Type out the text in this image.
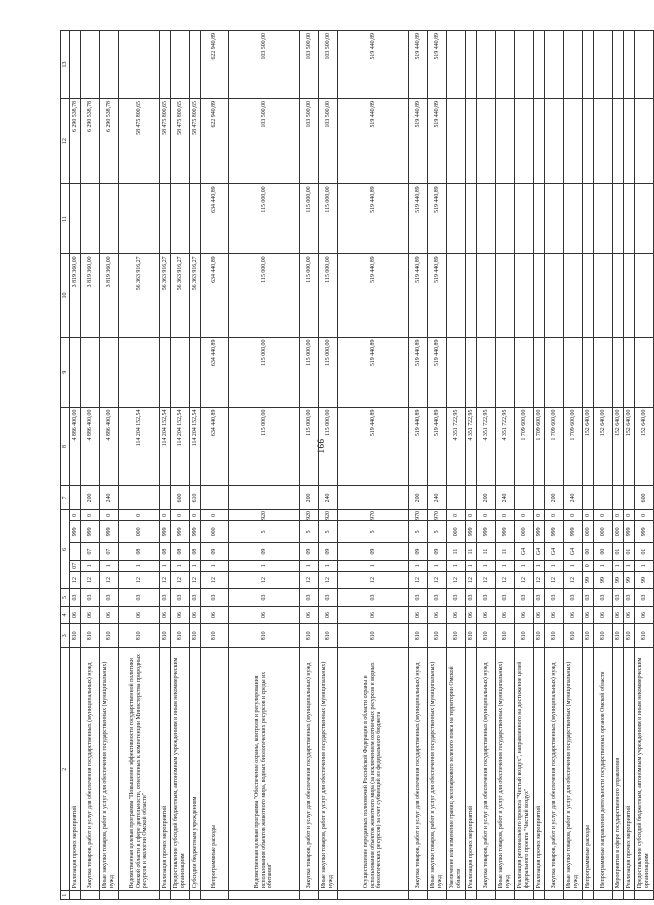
166
1	2	3	4	5	6					7	8	9	10	11	12	13
	Реализация прочих мероприятий	810	06	03	12	07		999	0		4 886 400,00		3 819 360,00		6 290 538,78	
	Закупка товаров, работ и услуг для обеспечения государственных (муниципальных) нужд	810	06	03	12	1	07	999	0	200	4 886 400,00		3 819 360,00		6 290 538,78	
	Иные закупки товаров, работ и услуг для обеспечения государственных (муниципальных) нужд	810	06	03	12	1	07	999	0	240	4 886 400,00		3 819 360,00		6 290 538,78	
	Ведомственная целевая программа "Повышение эффективности государственной политики Омской области в сфере деятельности, отнесенных к компетенции Министерства природных ресурсов и экологии Омской области"	810	06	03	12	1	08	000	0		114 204 152,54		56 363 916,27		58 475 800,65	
	Реализация прочих мероприятий	810	06	03	12	1	08	999	0		114 204 152,54		56 363 916,27		58 475 800,65	
	Предоставление субсидий бюджетным, автономным учреждениям и иным некоммерческим организациям	810	06	03	12	1	08	999	0	600	114 204 152,54		56 363 916,27		58 475 800,65	
	Субсидии бюджетным учреждениям	810	06	03	12	1	08	999	0	610	114 204 152,54		56 363 916,27		58 475 800,65	
	Непрограммные расходы	810	06	03	12	1	09	000	0		634 440,89	634 440,89	634 440,89	634 440,89	622 940,89	622 940,89
	Ведомственная целевая программа "Обеспечение охраны, контроля и регулирования использования объектов животного мира, водных биологических ресурсов и среды их обитания"	810	06	03	12	1	09	5	920		115 000,00	115 000,00	115 000,00	115 000,00	103 500,00	103 500,00
	Закупка товаров, работ и услуг для обеспечения государственных (муниципальных) нужд	810	06	03	12	1	09	5	920	200	115 000,00	115 000,00	115 000,00	115 000,00	103 500,00	103 500,00
	Иные закупки товаров, работ и услуг для обеспечения государственных (муниципальных) нужд	810	06	03	12	1	09	5	920	240	115 000,00	115 000,00	115 000,00	115 000,00	103 500,00	103 500,00
	Осуществление переданных полномочий Российской Федерации в области охраны и использования объектов животного мира (за исключением охотничьих ресурсов и водных биологических ресурсов) за счет субвенций из федерального бюджета	810	06	03	12	1	09	5	970		519 440,89	519 440,89	519 440,89	519 440,89	519 440,89	519 440,89
	Закупка товаров, работ и услуг для обеспечения государственных (муниципальных) нужд	810	06	03	12	1	09	5	970	200	519 440,89	519 440,89	519 440,89	519 440,89	519 440,89	519 440,89
	Иные закупки товаров, работ и услуг для обеспечения государственных (муниципальных) нужд	810	06	03	12	1	09	5	970	240	519 440,89	519 440,89	519 440,89	519 440,89	519 440,89	519 440,89
	Увеличение или изменение границ лесопаркового зеленого пояса на территории Омской области	810	06	03	12	1	11	000	0		4 351 722,95					
	Реализация прочих мероприятий	810	06	03	12	1	11	999	0		4 351 722,95					
	Закупка товаров, работ и услуг для обеспечения государственных (муниципальных) нужд	810	06	03	12	1	11	999	0	200	4 351 722,95					
	Иные закупки товаров, работ и услуг для обеспечения государственных (муниципальных) нужд	810	06	03	12	1	11	999	0	240	4 351 722,95					
	Реализация регионального проекта "Чистый воздух", направленного на достижение целей федерального проекта "Чистый воздух"	810	06	03	12	1	G4	000	0		1 709 600,00					
	Реализация прочих мероприятий	810	06	03	12	1	G4	999	0		1 709 600,00					
	Закупка товаров, работ и услуг для обеспечения государственных (муниципальных) нужд	810	06	03	12	1	G4	999	0	200	1 709 600,00					
	Иные закупки товаров, работ и услуг для обеспечения государственных (муниципальных) нужд	810	06	03	12	1	G4	999	0	240	1 709 600,00					
	Непрограммные расходы	810	06	03	99	0	00	000	0		152 640,00					
	Непрограммные направления деятельности государственных органов Омской области	810	06	03	99	1	00	000	0		152 640,00					
	Мероприятия в сфере государственного управления	810	06	03	99	1	01	000	0		152 640,00					
	Реализация прочих мероприятий	810	06	03	99	1	01	999	0		152 640,00					
	Предоставление субсидий бюджетным, автономным учреждениям и иным некоммерческим организациям	810	06	03	99	1	01	999	0	600	152 640,00					
